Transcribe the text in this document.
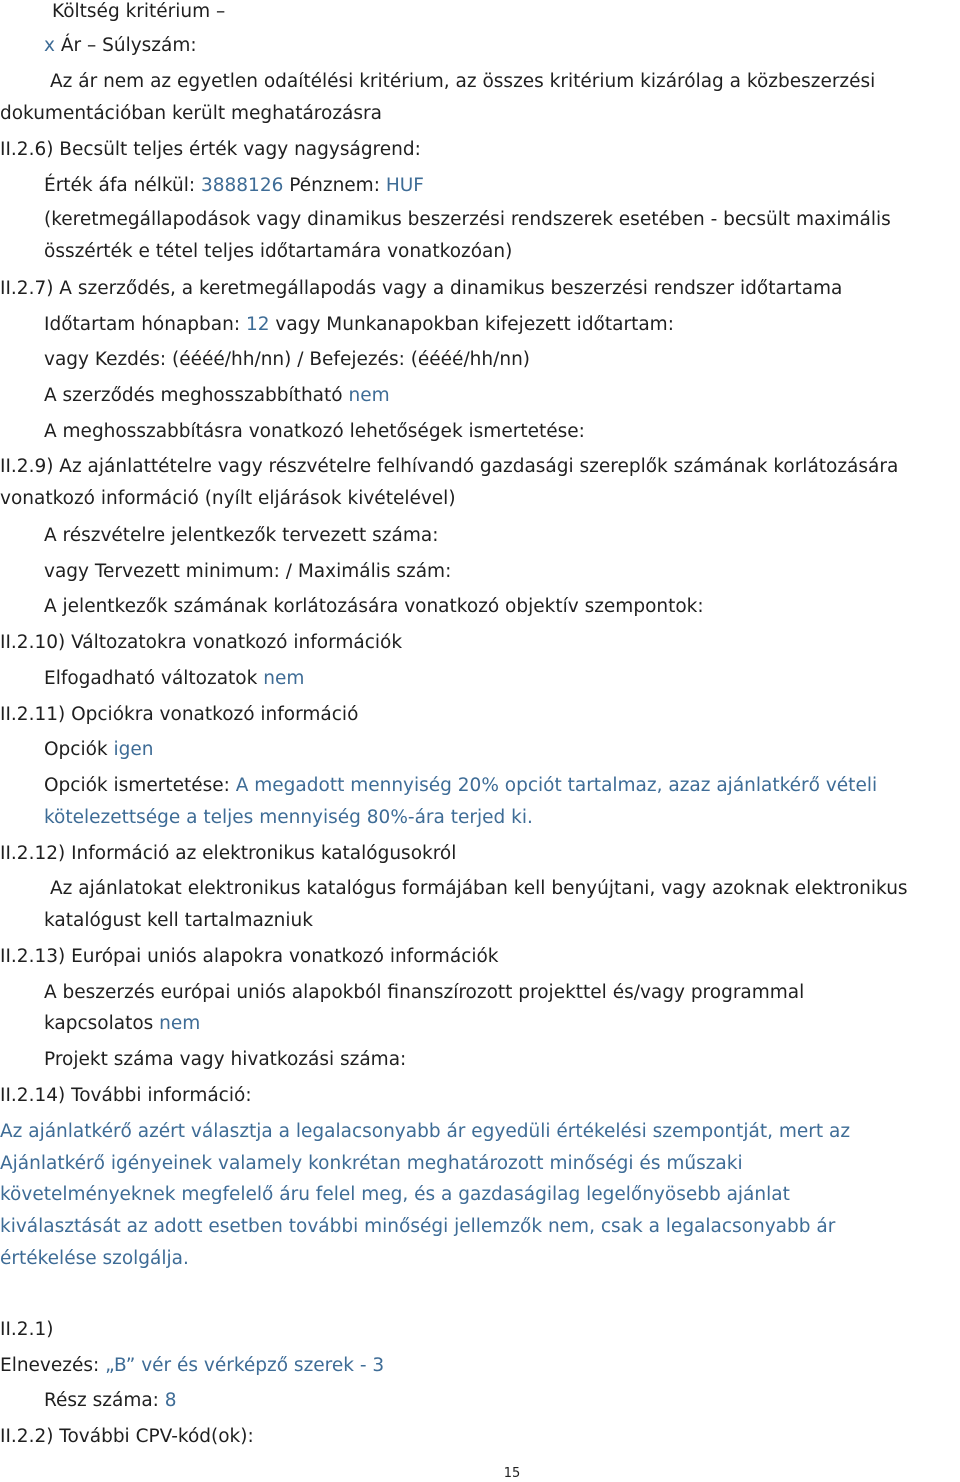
Költség kritérium –
x Ár – Súlyszám:
Az ár nem az egyetlen odaítélési kritérium, az összes kritérium kizárólag a közbeszerzési
dokumentációban került meghatározásra
II.2.6) Becsült teljes érték vagy nagyságrend:
Érték áfa nélkül: 3888126 Pénznem: HUF
(keretmegállapodások vagy dinamikus beszerzési rendszerek esetében - becsült maximális
összérték e tétel teljes időtartamára vonatkozóan)
II.2.7) A szerződés, a keretmegállapodás vagy a dinamikus beszerzési rendszer időtartama
Időtartam hónapban: 12 vagy Munkanapokban kifejezett időtartam:
vagy Kezdés: (éééé/hh/nn) / Befejezés: (éééé/hh/nn)
A szerződés meghosszabbítható nem
A meghosszabbításra vonatkozó lehetőségek ismertetése:
II.2.9) Az ajánlattételre vagy részvételre felhívandó gazdasági szereplők számának korlátozására
vonatkozó információ (nyílt eljárások kivételével)
A részvételre jelentkezők tervezett száma:
vagy Tervezett minimum: / Maximális szám:
A jelentkezők számának korlátozására vonatkozó objektív szempontok:
II.2.10) Változatokra vonatkozó információk
Elfogadható változatok nem
II.2.11) Opciókra vonatkozó információ
Opciók igen
Opciók ismertetése: A megadott mennyiség 20% opciót tartalmaz, azaz ajánlatkérő vételi
kötelezettsége a teljes mennyiség 80%-ára terjed ki.
II.2.12) Információ az elektronikus katalógusokról
Az ajánlatokat elektronikus katalógus formájában kell benyújtani, vagy azoknak elektronikus
katalógust kell tartalmazniuk
II.2.13) Európai uniós alapokra vonatkozó információk
A beszerzés európai uniós alapokból finanszírozott projekttel és/vagy programmal
kapcsolatos nem
Projekt száma vagy hivatkozási száma:
II.2.14) További információ:
Az ajánlatkérő azért választja a legalacsonyabb ár egyedüli értékelési szempontját, mert az
Ajánlatkérő igényeinek valamely konkrétan meghatározott minőségi és műszaki
követelményeknek megfelelő áru felel meg, és a gazdaságilag legelőnyösebb ajánlat
kiválasztását az adott esetben további minőségi jellemzők nem, csak a legalacsonyabb ár
értékelése szolgálja.
II.2.1)
Elnevezés: „B” vér és vérképző szerek - 3
Rész száma: 8
II.2.2) További CPV-kód(ok):
15
